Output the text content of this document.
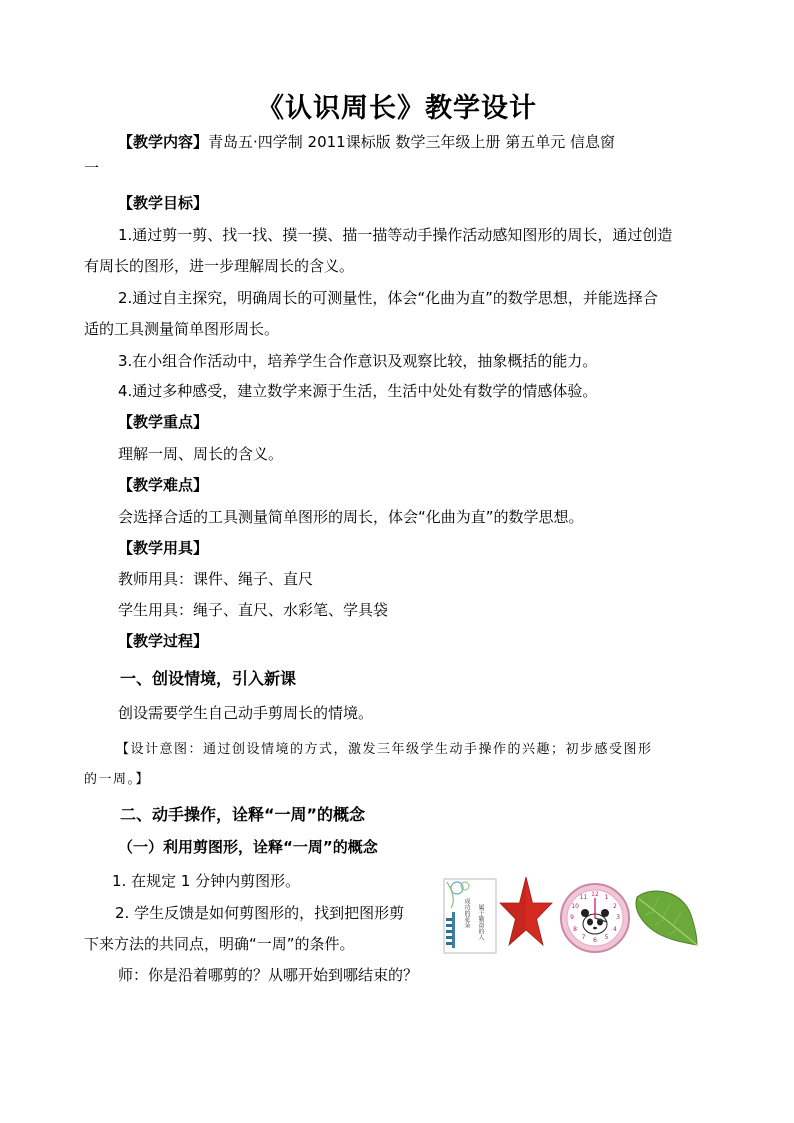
《认识周长》教学设计
【教学内容】青岛五·四学制 2011课标版 数学三年级上册 第五单元 信息窗
一
【教学目标】
1.通过剪一剪、找一找、摸一摸、描一描等动手操作活动感知图形的周长，通过创造
有周长的图形，进一步理解周长的含义。
2.通过自主探究，明确周长的可测量性，体会“化曲为直”的数学思想，并能选择合
适的工具测量简单图形周长。
3.在小组合作活动中，培养学生合作意识及观察比较，抽象概括的能力。
4.通过多种感受，建立数学来源于生活，生活中处处有数学的情感体验。
【教学重点】
理解一周、周长的含义。
【教学难点】
会选择合适的工具测量简单图形的周长，体会“化曲为直”的数学思想。
【教学用具】
教师用具：课件、绳子、直尺
学生用具：绳子、直尺、水彩笔、学具袋
【教学过程】
一、创设情境，引入新课
创设需要学生自己动手剪周长的情境。
【设计意图：通过创设情境的方式，激发三年级学生动手操作的兴趣；初步感受图形
的一周。】
二、动手操作，诠释“一周”的概念
（一）利用剪图形，诠释“一周”的概念
1. 在规定 1 分钟内剪图形。
2. 学生反馈是如何剪图形的，找到把图形剪
下来方法的共同点，明确“一周”的条件。
师：你是沿着哪剪的？从哪开始到哪结束的？
成功的花朵 属于勤奋的人
12 1
2
3
4
5
6
7
8
9
10
11
